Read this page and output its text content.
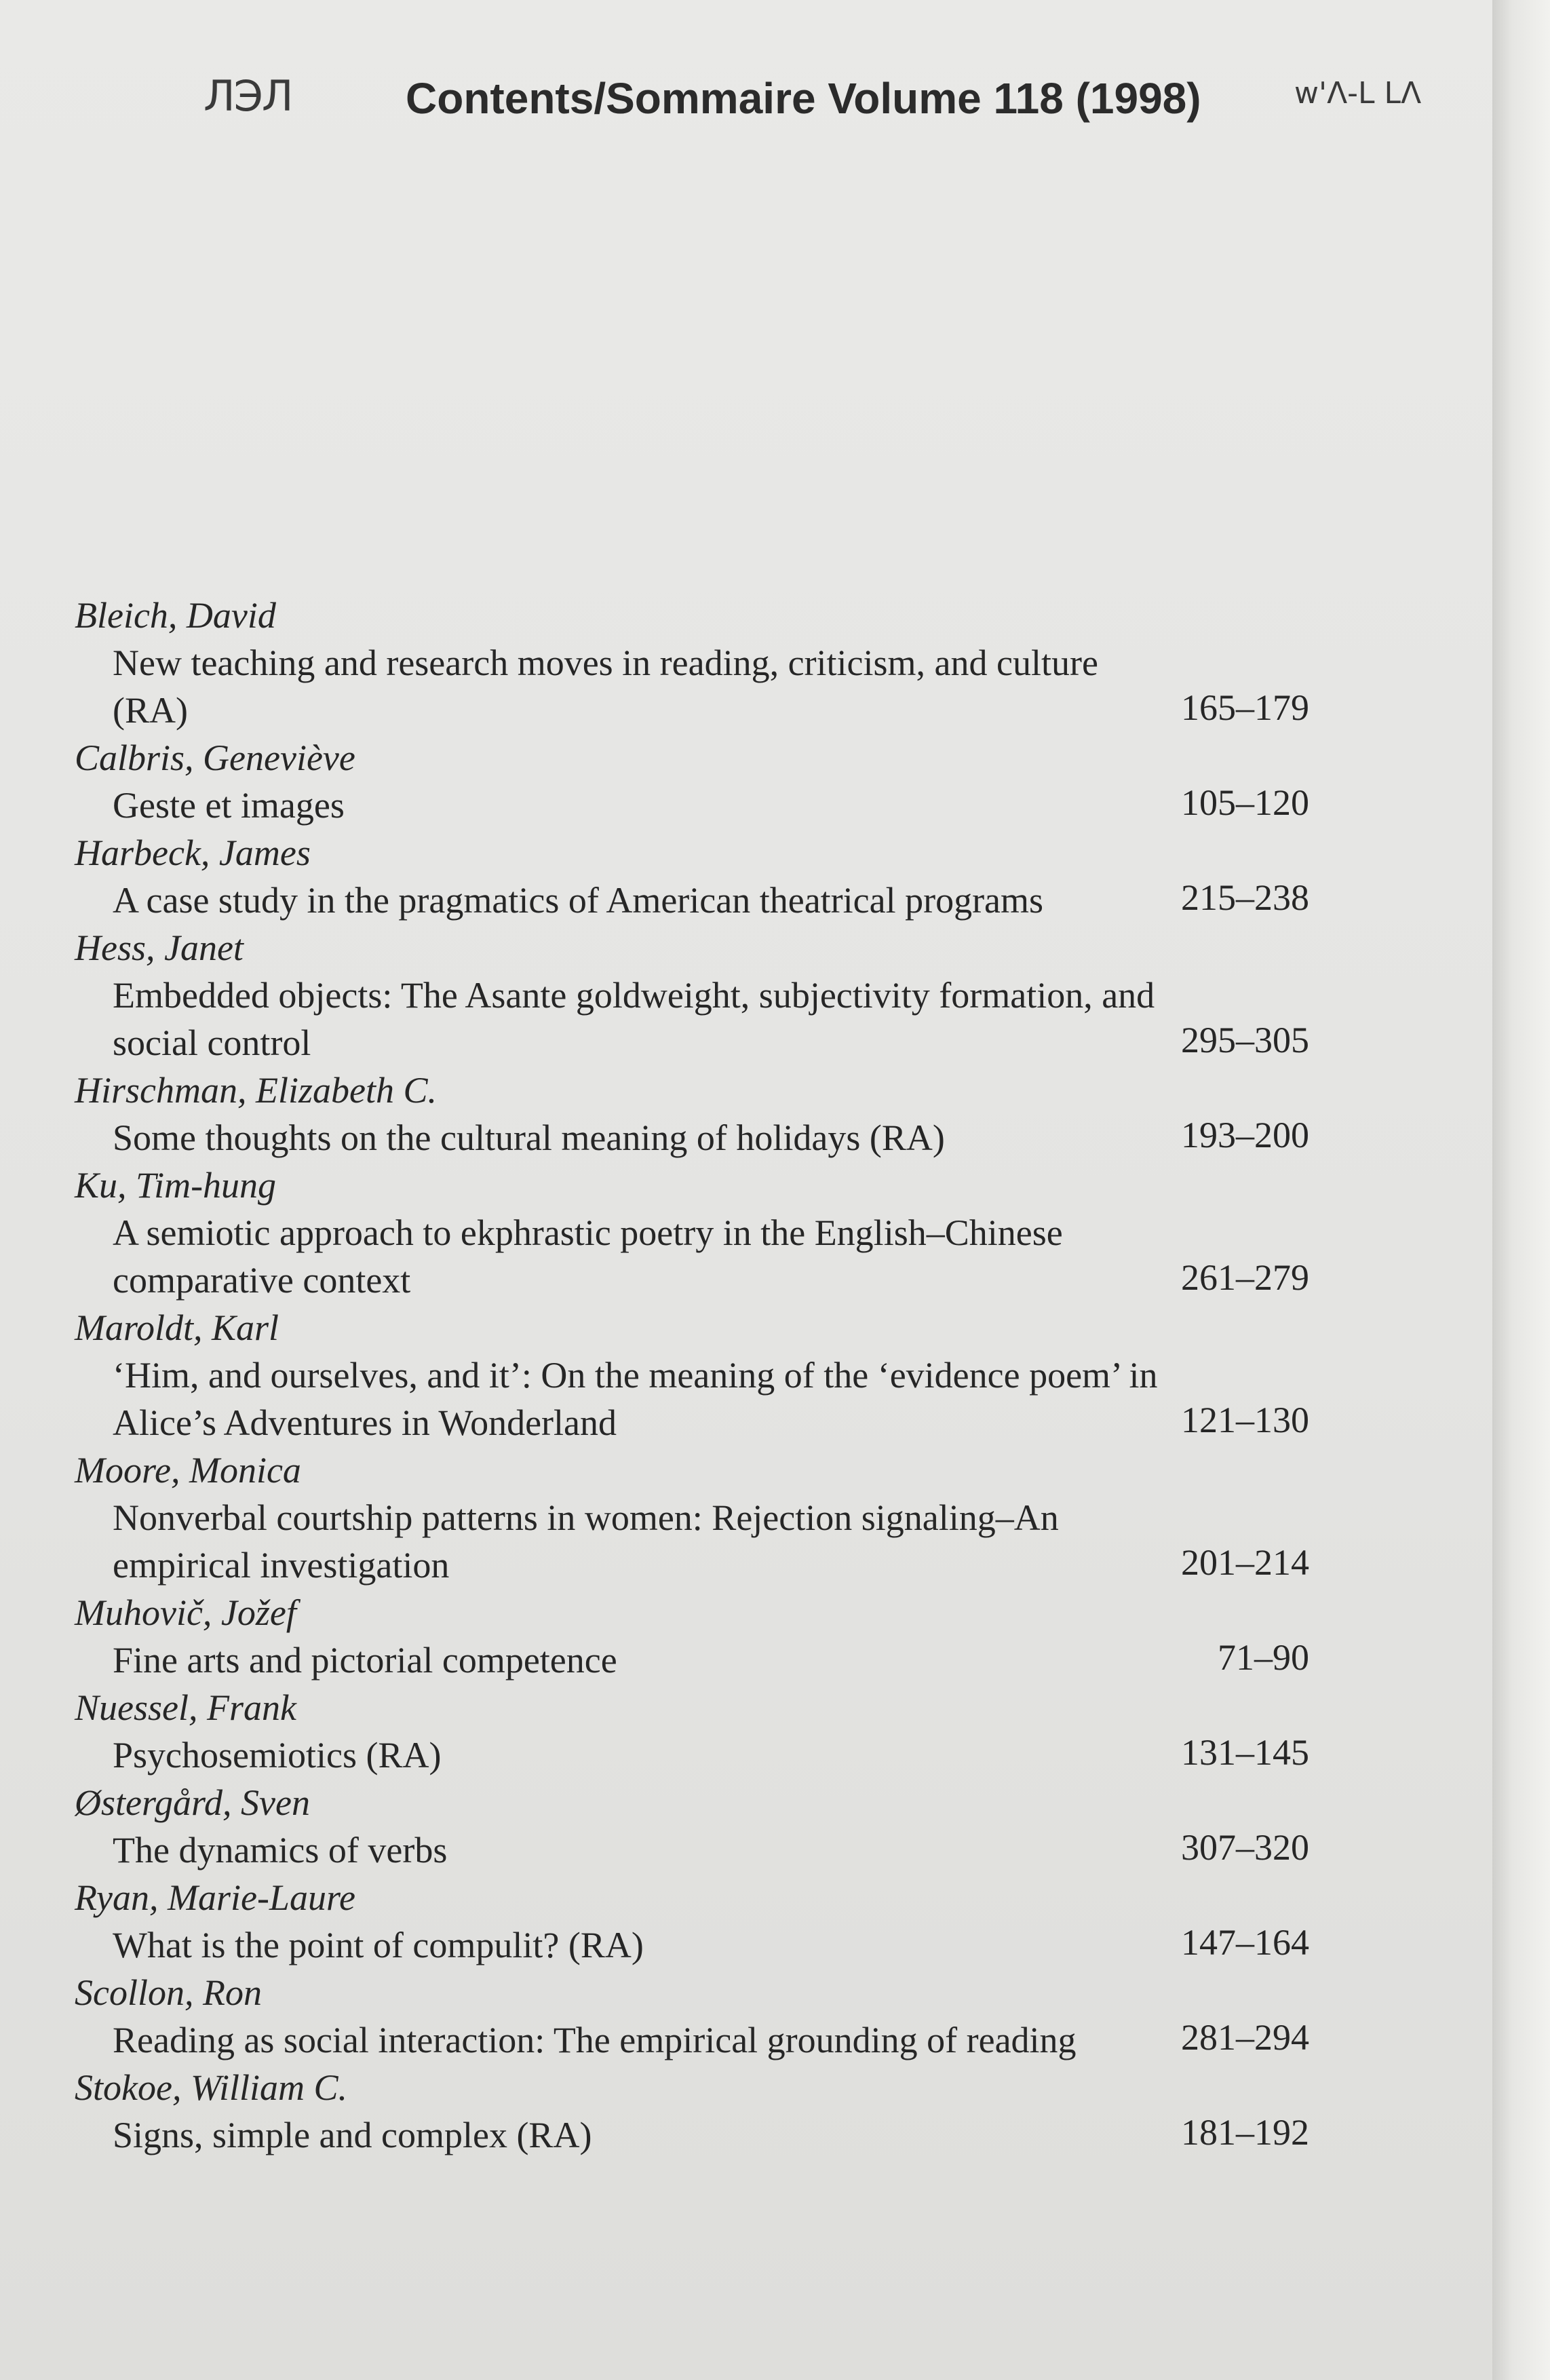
ЛЭЛ	Contents/Sommaire Volume 118 (1998)	w'Λ-L LΛ
Bleich, David
New teaching and research moves in reading, criticism, and culture (RA)	165–179
Calbris, Geneviève
Geste et images	105–120
Harbeck, James
A case study in the pragmatics of American theatrical programs	215–238
Hess, Janet
Embedded objects: The Asante goldweight, subjectivity formation, and social control	295–305
Hirschman, Elizabeth C.
Some thoughts on the cultural meaning of holidays (RA)	193–200
Ku, Tim-hung
A semiotic approach to ekphrastic poetry in the English–Chinese comparative context	261–279
Maroldt, Karl
‘Him, and ourselves, and it’: On the meaning of the ‘evidence poem’ in Alice’s Adventures in Wonderland	121–130
Moore, Monica
Nonverbal courtship patterns in women: Rejection signaling–An empirical investigation	201–214
Muhovič, Jožef
Fine arts and pictorial competence	71–90
Nuessel, Frank
Psychosemiotics (RA)	131–145
Østergård, Sven
The dynamics of verbs	307–320
Ryan, Marie-Laure
What is the point of compulit? (RA)	147–164
Scollon, Ron
Reading as social interaction: The empirical grounding of reading	281–294
Stokoe, William C.
Signs, simple and complex (RA)	181–192
